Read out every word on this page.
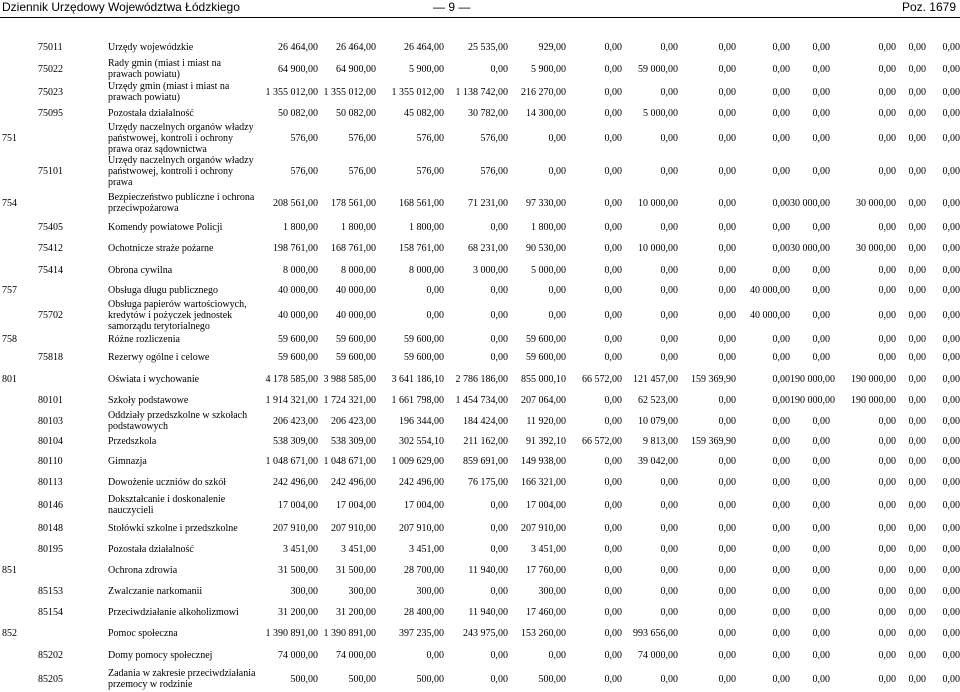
Dziennik Urzędowy Województwa Łódzkiego	— 9 —	Poz. 1679
	75011	Urzędy wojewódzkie	26 464,00	26 464,00	26 464,00	25 535,00	929,00	0,00	0,00	0,00	0,00	0,00	0,00	0,00	0,00	
	75022	Rady gmin (miast i miast na prawach powiatu)	64 900,00	64 900,00	5 900,00	0,00	5 900,00	0,00	59 000,00	0,00	0,00	0,00	0,00	0,00	0,00	
	75023	Urzędy gmin (miast i miast na prawach powiatu)	1 355 012,00	1 355 012,00	1 355 012,00	1 138 742,00	216 270,00	0,00	0,00	0,00	0,00	0,00	0,00	0,00	0,00	
	75095	Pozostała działalność	50 082,00	50 082,00	45 082,00	30 782,00	14 300,00	0,00	5 000,00	0,00	0,00	0,00	0,00	0,00	0,00	
751		Urzędy naczelnych organów władzy państwowej, kontroli i ochrony prawa oraz sądownictwa	576,00	576,00	576,00	576,00	0,00	0,00	0,00	0,00	0,00	0,00	0,00	0,00	0,00	
	75101	Urzędy naczelnych organów władzy państwowej, kontroli i ochrony prawa	576,00	576,00	576,00	576,00	0,00	0,00	0,00	0,00	0,00	0,00	0,00	0,00	0,00	
754		Bezpieczeństwo publiczne i ochrona przeciwpożarowa	208 561,00	178 561,00	168 561,00	71 231,00	97 330,00	0,00	10 000,00	0,00	0,00	30 000,00	30 000,00	0,00	0,00	
	75405	Komendy powiatowe Policji	1 800,00	1 800,00	1 800,00	0,00	1 800,00	0,00	0,00	0,00	0,00	0,00	0,00	0,00	0,00	
	75412	Ochotnicze straże pożarne	198 761,00	168 761,00	158 761,00	68 231,00	90 530,00	0,00	10 000,00	0,00	0,00	30 000,00	30 000,00	0,00	0,00	
	75414	Obrona cywilna	8 000,00	8 000,00	8 000,00	3 000,00	5 000,00	0,00	0,00	0,00	0,00	0,00	0,00	0,00	0,00	
757		Obsługa długu publicznego	40 000,00	40 000,00	0,00	0,00	0,00	0,00	0,00	0,00	40 000,00	0,00	0,00	0,00	0,00	
	75702	Obsługa papierów wartościowych, kredytów i pożyczek jednostek samorządu terytorialnego	40 000,00	40 000,00	0,00	0,00	0,00	0,00	0,00	0,00	40 000,00	0,00	0,00	0,00	0,00	
758		Różne rozliczenia	59 600,00	59 600,00	59 600,00	0,00	59 600,00	0,00	0,00	0,00	0,00	0,00	0,00	0,00	0,00	
	75818	Rezerwy ogólne i celowe	59 600,00	59 600,00	59 600,00	0,00	59 600,00	0,00	0,00	0,00	0,00	0,00	0,00	0,00	0,00	
801		Oświata i wychowanie	4 178 585,00	3 988 585,00	3 641 186,10	2 786 186,00	855 000,10	66 572,00	121 457,00	159 369,90	0,00	190 000,00	190 000,00	0,00	0,00	
	80101	Szkoły podstawowe	1 914 321,00	1 724 321,00	1 661 798,00	1 454 734,00	207 064,00	0,00	62 523,00	0,00	0,00	190 000,00	190 000,00	0,00	0,00	
	80103	Oddziały przedszkolne w szkołach podstawowych	206 423,00	206 423,00	196 344,00	184 424,00	11 920,00	0,00	10 079,00	0,00	0,00	0,00	0,00	0,00	0,00	
	80104	Przedszkola	538 309,00	538 309,00	302 554,10	211 162,00	91 392,10	66 572,00	9 813,00	159 369,90	0,00	0,00	0,00	0,00	0,00	
	80110	Gimnazja	1 048 671,00	1 048 671,00	1 009 629,00	859 691,00	149 938,00	0,00	39 042,00	0,00	0,00	0,00	0,00	0,00	0,00	
	80113	Dowożenie uczniów do szkół	242 496,00	242 496,00	242 496,00	76 175,00	166 321,00	0,00	0,00	0,00	0,00	0,00	0,00	0,00	0,00	
	80146	Dokształcanie i doskonalenie nauczycieli	17 004,00	17 004,00	17 004,00	0,00	17 004,00	0,00	0,00	0,00	0,00	0,00	0,00	0,00	0,00	
	80148	Stołówki szkolne i przedszkolne	207 910,00	207 910,00	207 910,00	0,00	207 910,00	0,00	0,00	0,00	0,00	0,00	0,00	0,00	0,00	
	80195	Pozostała działalność	3 451,00	3 451,00	3 451,00	0,00	3 451,00	0,00	0,00	0,00	0,00	0,00	0,00	0,00	0,00	
851		Ochrona zdrowia	31 500,00	31 500,00	28 700,00	11 940,00	17 760,00	0,00	0,00	0,00	0,00	0,00	0,00	0,00	0,00	
	85153	Zwalczanie narkomanii	300,00	300,00	300,00	0,00	300,00	0,00	0,00	0,00	0,00	0,00	0,00	0,00	0,00	
	85154	Przeciwdziałanie alkoholizmowi	31 200,00	31 200,00	28 400,00	11 940,00	17 460,00	0,00	0,00	0,00	0,00	0,00	0,00	0,00	0,00	
852		Pomoc społeczna	1 390 891,00	1 390 891,00	397 235,00	243 975,00	153 260,00	0,00	993 656,00	0,00	0,00	0,00	0,00	0,00	0,00	
	85202	Domy pomocy społecznej	74 000,00	74 000,00	0,00	0,00	0,00	0,00	74 000,00	0,00	0,00	0,00	0,00	0,00	0,00	
	85205	Zadania w zakresie przeciwdziałania przemocy w rodzinie	500,00	500,00	500,00	0,00	500,00	0,00	0,00	0,00	0,00	0,00	0,00	0,00	0,00	
